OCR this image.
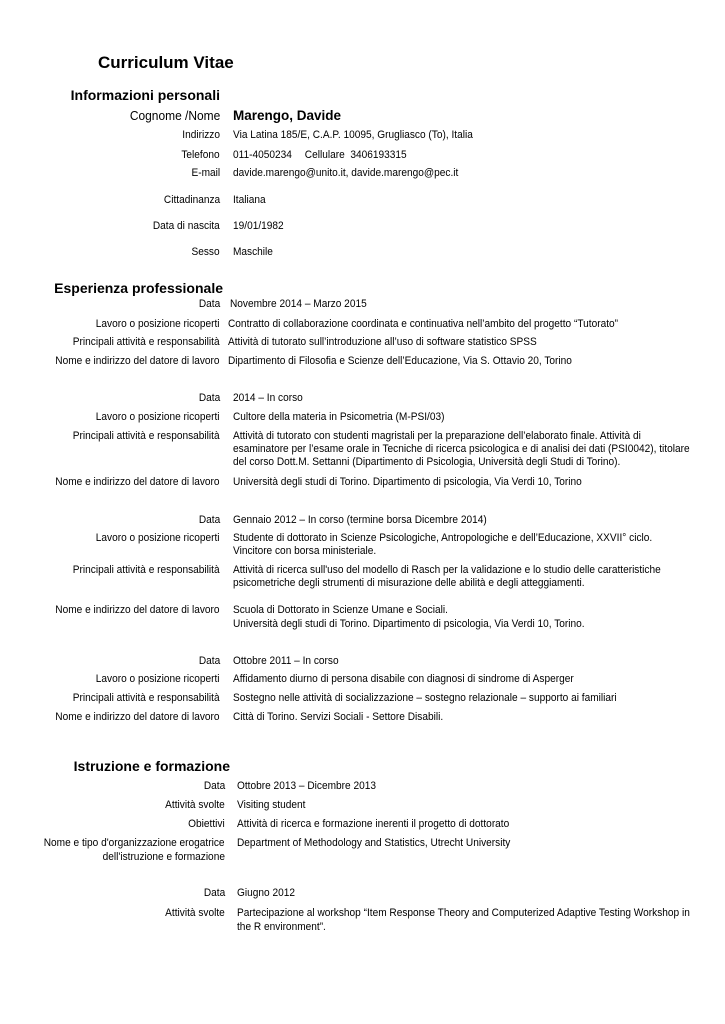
Curriculum Vitae
Informazioni personali
Cognome /Nome Marengo, Davide
Indirizzo Via Latina 185/E, C.A.P. 10095, Grugliasco (To), Italia
Telefono 011-4050234 Cellulare 3406193315
E-mail davide.marengo@unito.it, davide.marengo@pec.it
Cittadinanza Italiana
Data di nascita 19/01/1982
Sesso Maschile
Esperienza professionale
Data Novembre 2014 – Marzo 2015
Lavoro o posizione ricoperti Contratto di collaborazione coordinata e continuativa nell’ambito del progetto “Tutorato”
Principali attività e responsabilità Attività di tutorato sull’introduzione all’uso di software statistico SPSS
Nome e indirizzo del datore di lavoro Dipartimento di Filosofia e Scienze dell’Educazione, Via S. Ottavio 20, Torino
Data 2014 – In corso
Lavoro o posizione ricoperti Cultore della materia in Psicometria (M-PSI/03)
Principali attività e responsabilità Attività di tutorato con studenti magristali per la preparazione dell’elaborato finale. Attività di
esaminatore per l’esame orale in Tecniche di ricerca psicologica e di analisi dei dati (PSI0042), titolare
del corso Dott.M. Settanni (Dipartimento di Psicologia, Università degli Studi di Torino).
Nome e indirizzo del datore di lavoro Università degli studi di Torino. Dipartimento di psicologia, Via Verdi 10, Torino
Data Gennaio 2012 – In corso (termine borsa Dicembre 2014)
Lavoro o posizione ricoperti Studente di dottorato in Scienze Psicologiche, Antropologiche e dell’Educazione, XXVII° ciclo.
Vincitore con borsa ministeriale.
Principali attività e responsabilità Attività di ricerca sull'uso del modello di Rasch per la validazione e lo studio delle caratteristiche
psicometriche degli strumenti di misurazione delle abilità e degli atteggiamenti.
Nome e indirizzo del datore di lavoro Scuola di Dottorato in Scienze Umane e Sociali.
Università degli studi di Torino. Dipartimento di psicologia, Via Verdi 10, Torino.
Data Ottobre 2011 – In corso
Lavoro o posizione ricoperti Affidamento diurno di persona disabile con diagnosi di sindrome di Asperger
Principali attività e responsabilità Sostegno nelle attività di socializzazione – sostegno relazionale – supporto ai familiari
Nome e indirizzo del datore di lavoro Città di Torino. Servizi Sociali - Settore Disabili.
Istruzione e formazione
Data Ottobre 2013 – Dicembre 2013
Attività svolte Visiting student
Obiettivi Attività di ricerca e formazione inerenti il progetto di dottorato
Nome e tipo d'organizzazione erogatrice
dell'istruzione e formazione
Department of Methodology and Statistics, Utrecht University
Data Giugno 2012
Attività svolte Partecipazione al workshop “Item Response Theory and Computerized Adaptive Testing Workshop in
the R environment”.
